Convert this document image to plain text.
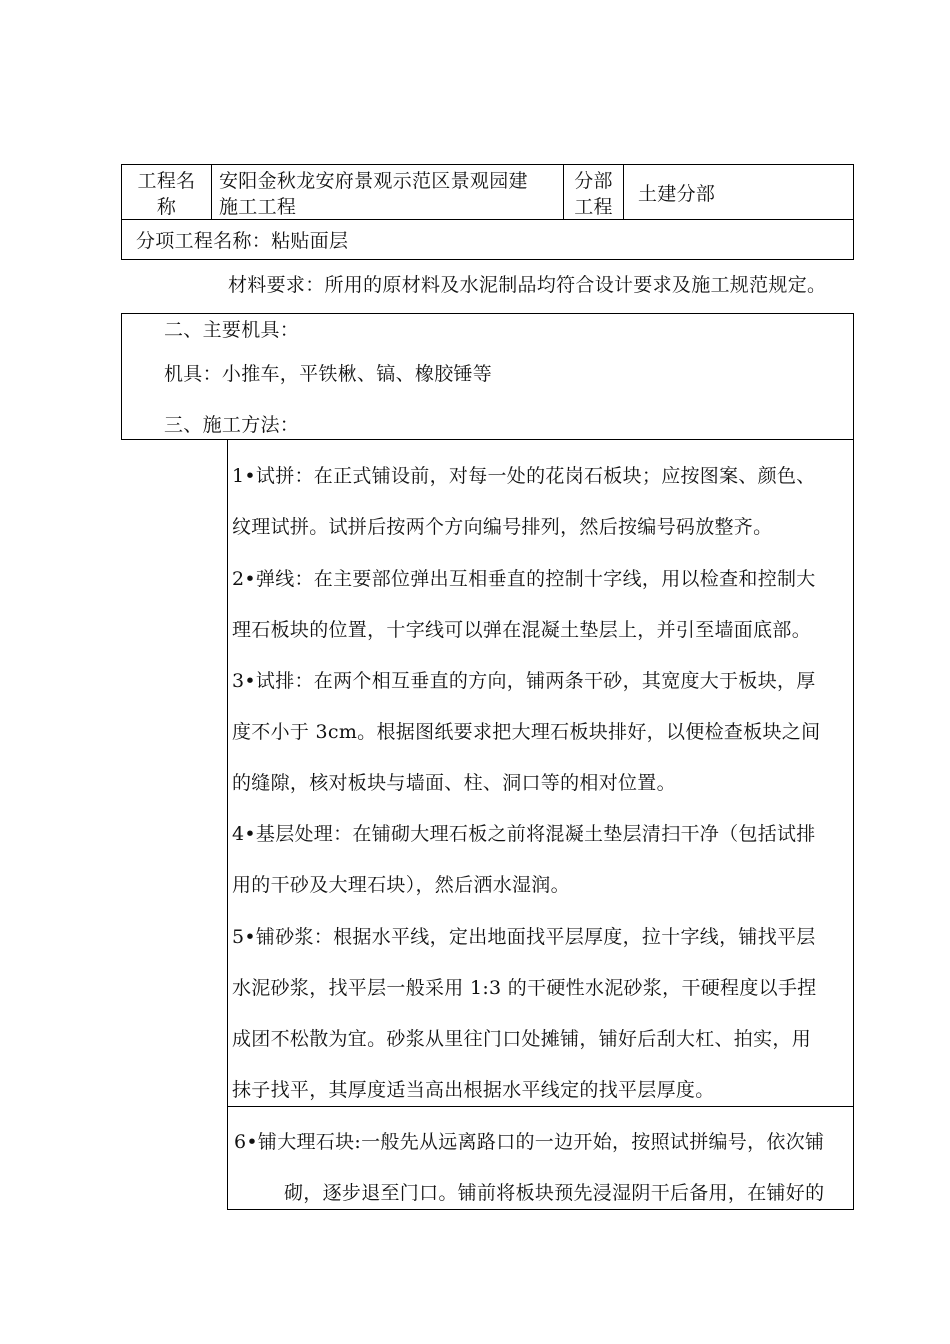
工程名
称
安阳金秋龙安府景观示范区景观园建
施工工程
分部
工程
土建分部
分项工程名称：粘贴面层
材料要求：所用的原材料及水泥制品均符合设计要求及施工规范规定。
二、主要机具：
机具：小推车，平铁楸、镐、橡胶锤等
三、施工方法：
1•试拼：在正式铺设前，对每一处的花岗石板块；应按图案、颜色、
纹理试拼。试拼后按两个方向编号排列，然后按编号码放整齐。
2•弹线：在主要部位弹出互相垂直的控制十字线，用以检查和控制大
理石板块的位置，十字线可以弹在混凝土垫层上，并引至墙面底部。
3•试排：在两个相互垂直的方向，铺两条干砂，其宽度大于板块，厚
度不小于 3cm。根据图纸要求把大理石板块排好，以便检查板块之间
的缝隙，核对板块与墙面、柱、洞口等的相对位置。
4•基层处理：在铺砌大理石板之前将混凝土垫层清扫干净（包括试排
用的干砂及大理石块），然后洒水湿润。
5•铺砂浆：根据水平线，定出地面找平层厚度，拉十字线，铺找平层
水泥砂浆，找平层一般采用 1:3 的干硬性水泥砂浆，干硬程度以手捏
成团不松散为宜。砂浆从里往门口处摊铺，铺好后刮大杠、拍实，用
抹子找平，其厚度适当高出根据水平线定的找平层厚度。
6•铺大理石块:一般先从远离路口的一边开始，按照试拼编号，依次铺
砌，逐步退至门口。铺前将板块预先浸湿阴干后备用，在铺好的
